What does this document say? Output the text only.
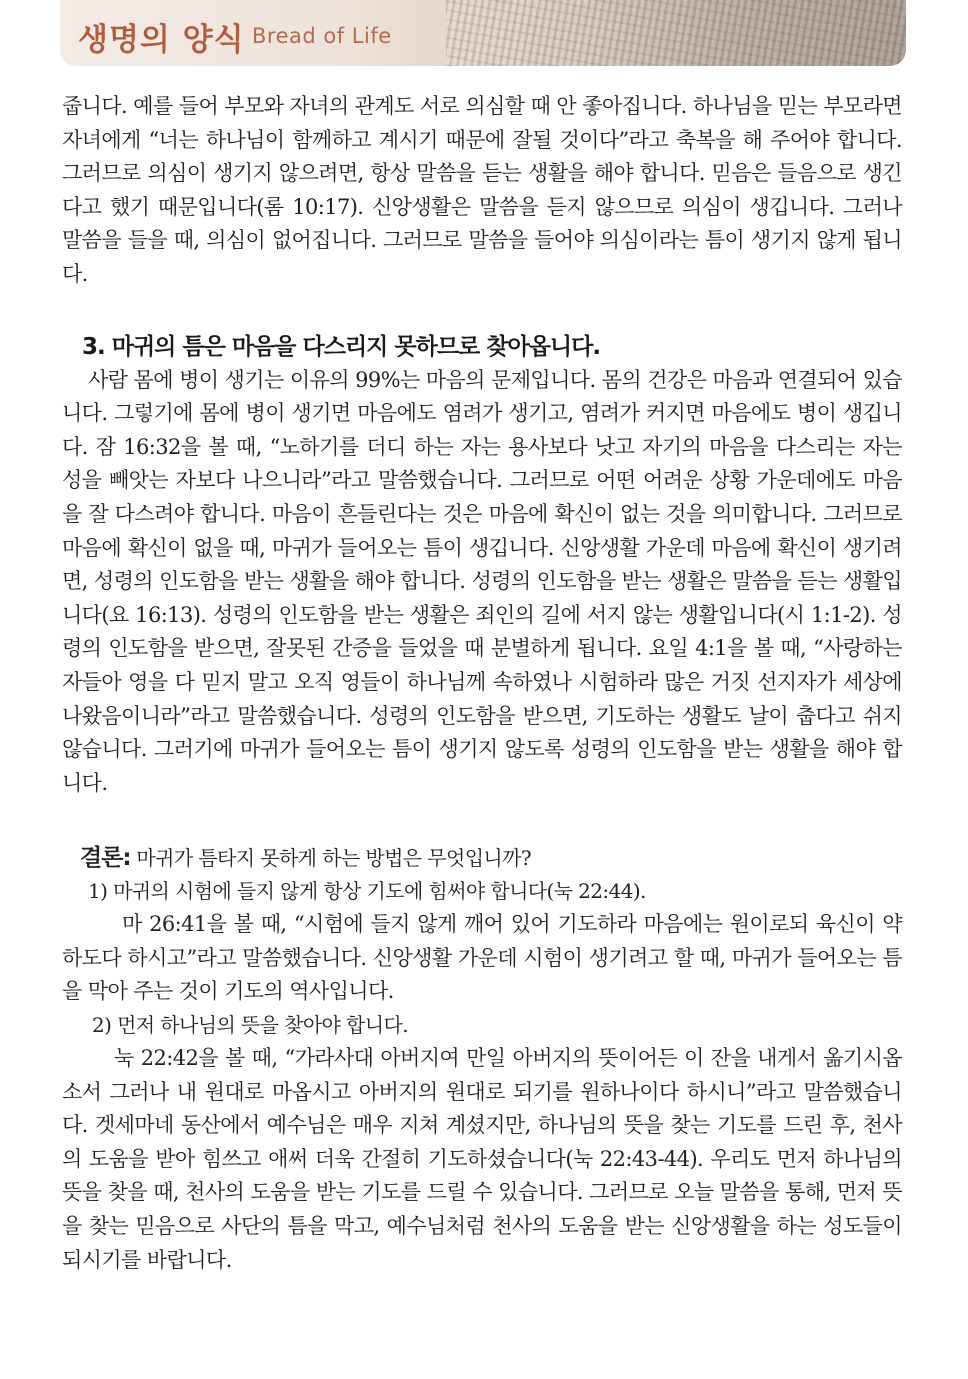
생명의 양식 Bread of Life

줍니다. 예를 들어 부모와 자녀의 관계도 서로 의심할 때 안 좋아집니다. 하나님을 믿는 부모라면 자녀에게 “너는 하나님이 함께하고 계시기 때문에 잘될 것이다”라고 축복을 해 주어야 합니다. 그러므로 의심이 생기지 않으려면, 항상 말씀을 듣는 생활을 해야 합니다. 믿음은 들음으로 생긴다고 했기 때문입니다(롬 10:17). 신앙생활은 말씀을 듣지 않으므로 의심이 생깁니다. 그러나 말씀을 들을 때, 의심이 없어집니다. 그러므로 말씀을 들어야 의심이라는 틈이 생기지 않게 됩니다.

3. 마귀의 틈은 마음을 다스리지 못하므로 찾아옵니다.

사람 몸에 병이 생기는 이유의 99%는 마음의 문제입니다. 몸의 건강은 마음과 연결되어 있습니다. 그렇기에 몸에 병이 생기면 마음에도 염려가 생기고, 염려가 커지면 마음에도 병이 생깁니다. 잠 16:32을 볼 때, “노하기를 더디 하는 자는 용사보다 낫고 자기의 마음을 다스리는 자는 성을 빼앗는 자보다 나으니라”라고 말씀했습니다. 그러므로 어떤 어려운 상황 가운데에도 마음을 잘 다스려야 합니다. 마음이 흔들린다는 것은 마음에 확신이 없는 것을 의미합니다. 그러므로 마음에 확신이 없을 때, 마귀가 들어오는 틈이 생깁니다. 신앙생활 가운데 마음에 확신이 생기려면, 성령의 인도함을 받는 생활을 해야 합니다. 성령의 인도함을 받는 생활은 말씀을 듣는 생활입니다(요 16:13). 성령의 인도함을 받는 생활은 죄인의 길에 서지 않는 생활입니다(시 1:1-2). 성령의 인도함을 받으면, 잘못된 간증을 들었을 때 분별하게 됩니다. 요일 4:1을 볼 때, “사랑하는 자들아 영을 다 믿지 말고 오직 영들이 하나님께 속하였나 시험하라 많은 거짓 선지자가 세상에 나왔음이니라”라고 말씀했습니다. 성령의 인도함을 받으면, 기도하는 생활도 날이 춥다고 쉬지 않습니다. 그러기에 마귀가 들어오는 틈이 생기지 않도록 성령의 인도함을 받는 생활을 해야 합니다.

결론: 마귀가 틈타지 못하게 하는 방법은 무엇입니까?

1) 마귀의 시험에 들지 않게 항상 기도에 힘써야 합니다(눅 22:44).

마 26:41을 볼 때, “시험에 들지 않게 깨어 있어 기도하라 마음에는 원이로되 육신이 약하도다 하시고”라고 말씀했습니다. 신앙생활 가운데 시험이 생기려고 할 때, 마귀가 들어오는 틈을 막아 주는 것이 기도의 역사입니다.

2) 먼저 하나님의 뜻을 찾아야 합니다.

눅 22:42을 볼 때, “가라사대 아버지여 만일 아버지의 뜻이어든 이 잔을 내게서 옮기시옵소서 그러나 내 원대로 마옵시고 아버지의 원대로 되기를 원하나이다 하시니”라고 말씀했습니다. 겟세마네 동산에서 예수님은 매우 지쳐 계셨지만, 하나님의 뜻을 찾는 기도를 드린 후, 천사의 도움을 받아 힘쓰고 애써 더욱 간절히 기도하셨습니다(눅 22:43-44). 우리도 먼저 하나님의 뜻을 찾을 때, 천사의 도움을 받는 기도를 드릴 수 있습니다. 그러므로 오늘 말씀을 통해, 먼저 뜻을 찾는 믿음으로 사단의 틈을 막고, 예수님처럼 천사의 도움을 받는 신앙생활을 하는 성도들이 되시기를 바랍니다.
